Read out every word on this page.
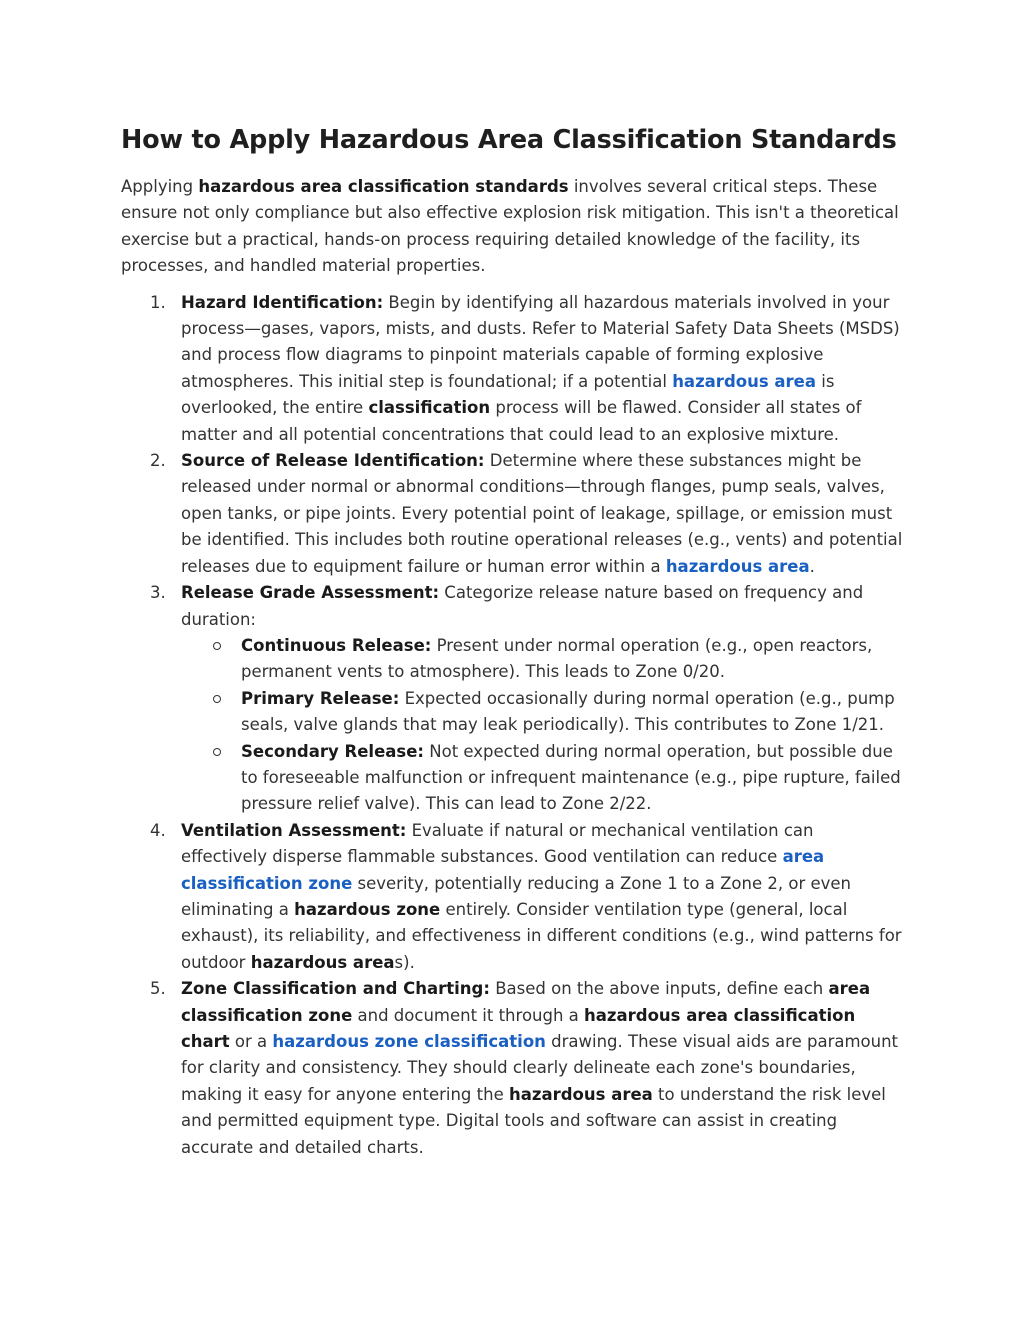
How to Apply Hazardous Area Classification Standards

Applying hazardous area classification standards involves several critical steps. These ensure not only compliance but also effective explosion risk mitigation. This isn't a theoretical exercise but a practical, hands-on process requiring detailed knowledge of the facility, its processes, and handled material properties.

1. Hazard Identification: Begin by identifying all hazardous materials involved in your process—gases, vapors, mists, and dusts. Refer to Material Safety Data Sheets (MSDS) and process flow diagrams to pinpoint materials capable of forming explosive atmospheres. This initial step is foundational; if a potential hazardous area is overlooked, the entire classification process will be flawed. Consider all states of matter and all potential concentrations that could lead to an explosive mixture.
2. Source of Release Identification: Determine where these substances might be released under normal or abnormal conditions—through flanges, pump seals, valves, open tanks, or pipe joints. Every potential point of leakage, spillage, or emission must be identified. This includes both routine operational releases (e.g., vents) and potential releases due to equipment failure or human error within a hazardous area.
3. Release Grade Assessment: Categorize release nature based on frequency and duration:
Continuous Release: Present under normal operation (e.g., open reactors, permanent vents to atmosphere). This leads to Zone 0/20.
Primary Release: Expected occasionally during normal operation (e.g., pump seals, valve glands that may leak periodically). This contributes to Zone 1/21.
Secondary Release: Not expected during normal operation, but possible due to foreseeable malfunction or infrequent maintenance (e.g., pipe rupture, failed pressure relief valve). This can lead to Zone 2/22.
4. Ventilation Assessment: Evaluate if natural or mechanical ventilation can effectively disperse flammable substances. Good ventilation can reduce area classification zone severity, potentially reducing a Zone 1 to a Zone 2, or even eliminating a hazardous zone entirely. Consider ventilation type (general, local exhaust), its reliability, and effectiveness in different conditions (e.g., wind patterns for outdoor hazardous areas).
5. Zone Classification and Charting: Based on the above inputs, define each area classification zone and document it through a hazardous area classification chart or a hazardous zone classification drawing. These visual aids are paramount for clarity and consistency. They should clearly delineate each zone's boundaries, making it easy for anyone entering the hazardous area to understand the risk level and permitted equipment type. Digital tools and software can assist in creating accurate and detailed charts.
